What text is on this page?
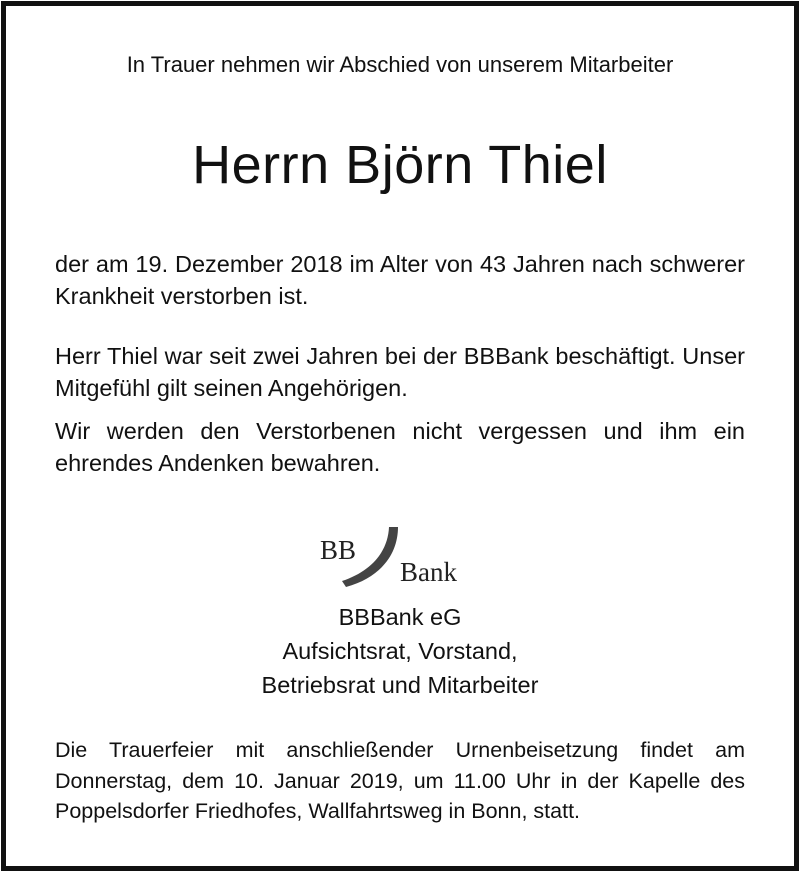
In Trauer nehmen wir Abschied von unserem Mitarbeiter
Herrn Björn Thiel
der am 19. Dezember 2018 im Alter von 43 Jahren nach schwerer Krankheit verstorben ist.
Herr Thiel war seit zwei Jahren bei der BBBank beschäftigt. Unser Mitgefühl gilt seinen Angehörigen.
Wir werden den Verstorbenen nicht vergessen und ihm ein ehrendes Andenken bewahren.
BB
Bank
BBBank eG
Aufsichtsrat, Vorstand,
Betriebsrat und Mitarbeiter
Die Trauerfeier mit anschließender Urnenbeisetzung findet am Donnerstag, dem 10. Januar 2019, um 11.00 Uhr in der Kapelle des Poppelsdorfer Friedhofes, Wallfahrtsweg in Bonn, statt.
